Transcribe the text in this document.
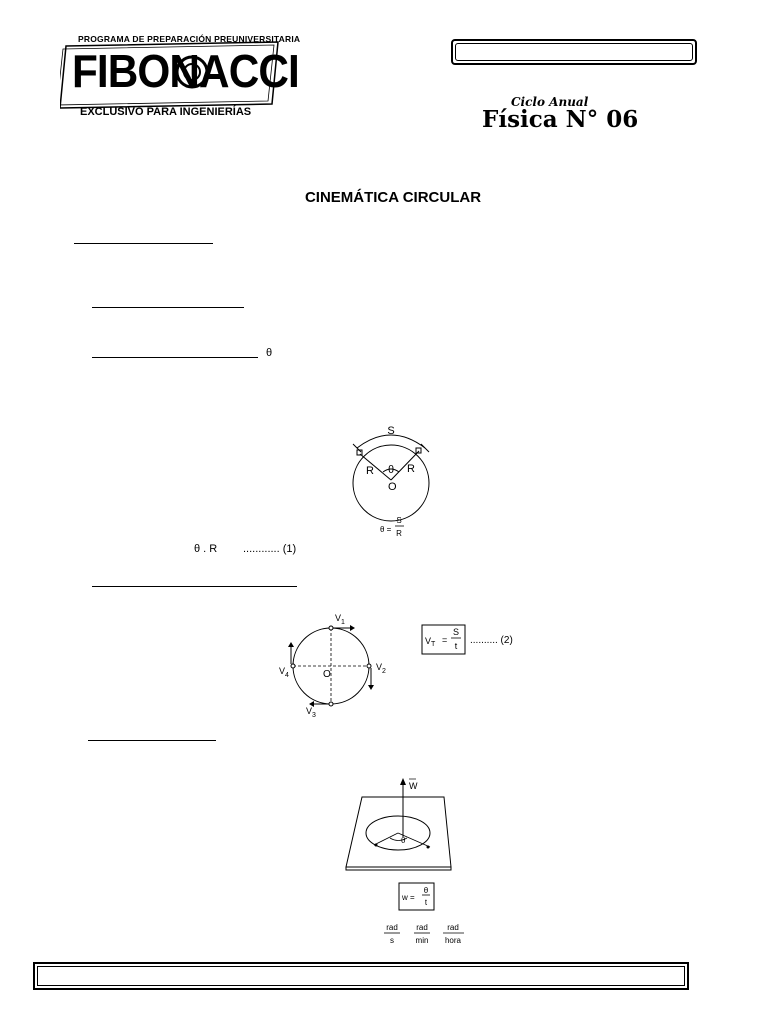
PROGRAMA DE PREPARACIÓN PREUNIVERSITARIA
FIBONACCI
EXCLUSIVO PARA INGENIERÍAS
Ciclo Anual
Física N° 06
CINEMÁTICA CIRCULAR
θ
S
R	R
θ
O
θ =
S
R
θ . R ............ (1)
$V_1$
$V_2$
$V_3$
$V_4$	O
$V_T$ =
S
t .......... (2)
W
θ
w =
θ
t
rad
s
rad
min
rad
hora
